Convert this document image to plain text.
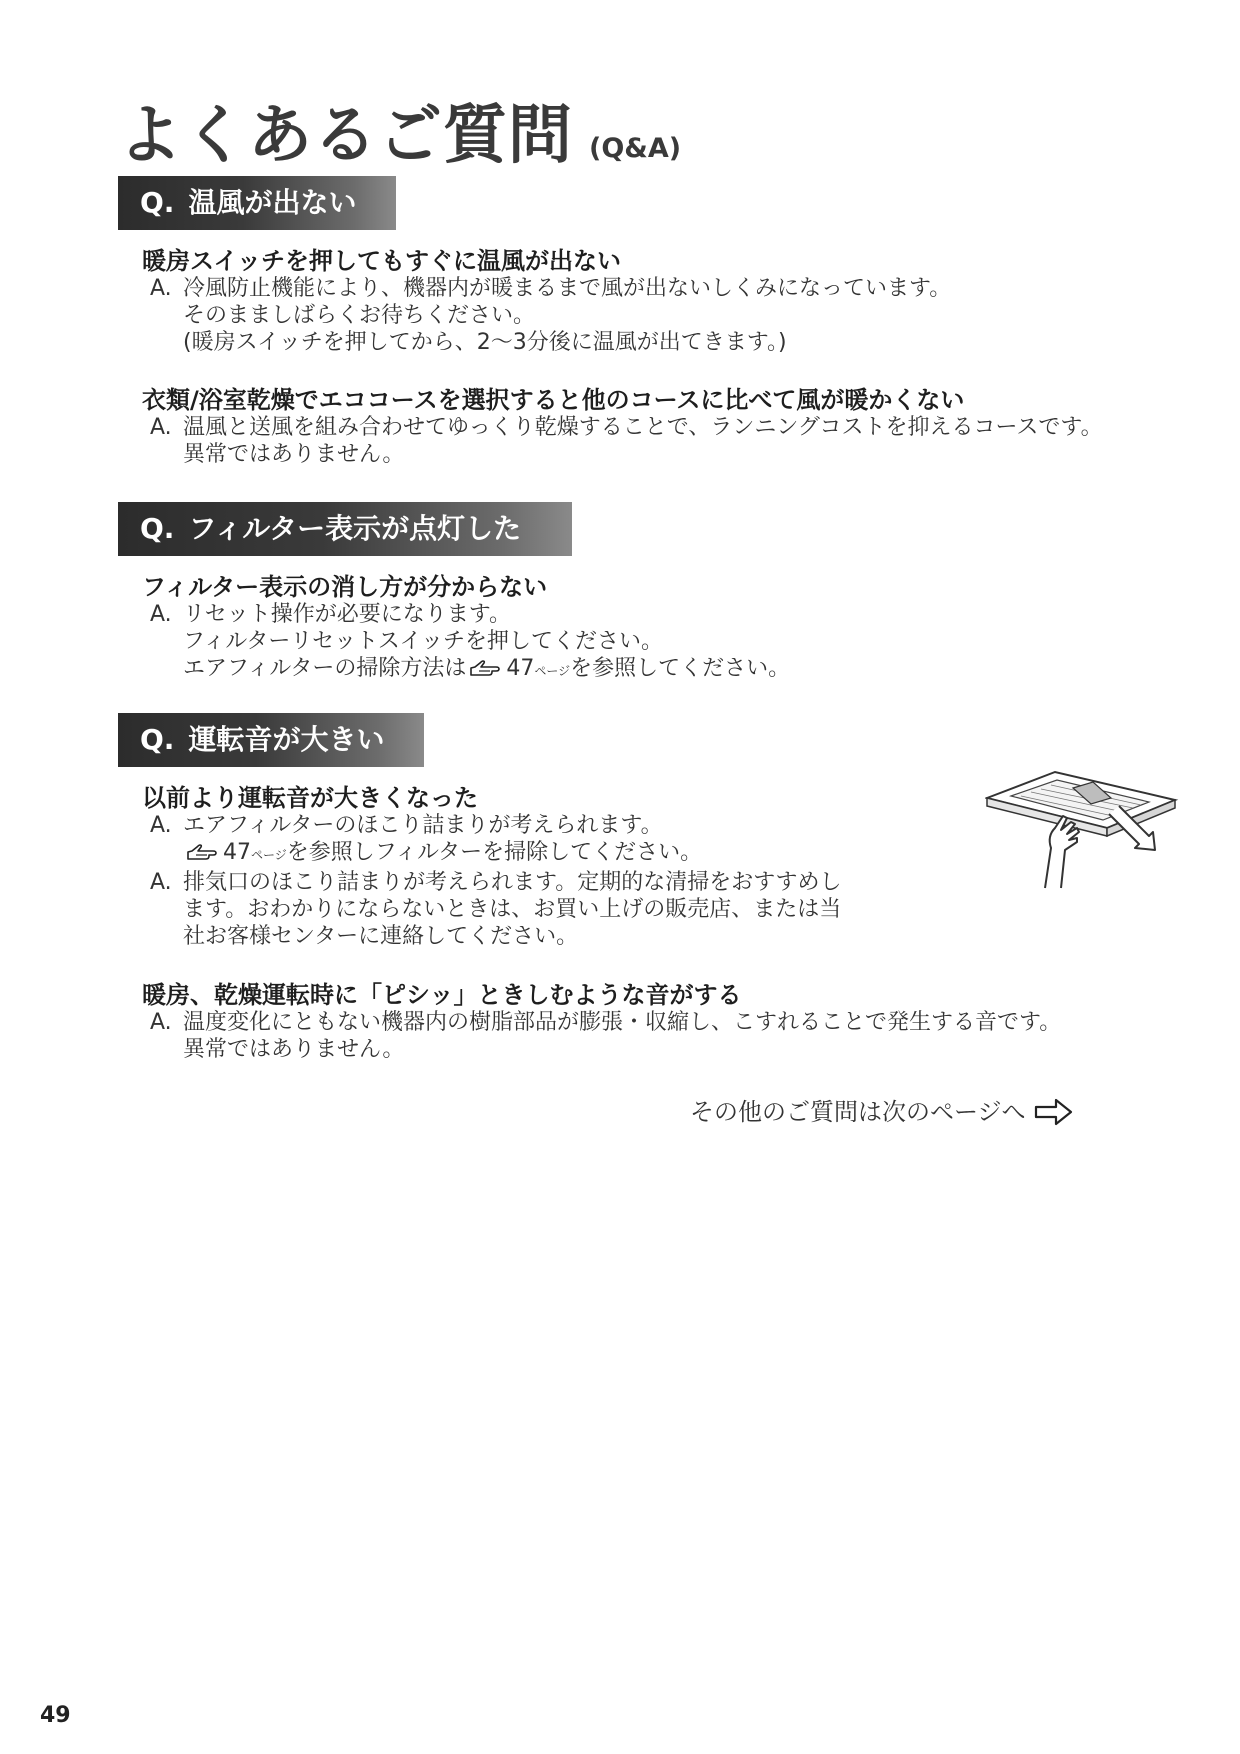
よくあるご質問 (Q&A)
Q. 温風が出ない
暖房スイッチを押してもすぐに温風が出ない
A. 冷風防止機能により、機器内が暖まるまで風が出ないしくみになっています。
そのまましばらくお待ちください。
(暖房スイッチを押してから、2〜3分後に温風が出てきます。)
衣類/浴室乾燥でエココースを選択すると他のコースに比べて風が暖かくない
A. 温風と送風を組み合わせてゆっくり乾燥することで、ランニングコストを抑えるコースです。
異常ではありません。
Q. フィルター表示が点灯した
フィルター表示の消し方が分からない
A. リセット操作が必要になります。
フィルターリセットスイッチを押してください。
エアフィルターの掃除方法は 47ページを参照してください。
Q. 運転音が大きい
以前より運転音が大きくなった
A. エアフィルターのほこり詰まりが考えられます。
47ページを参照しフィルターを掃除してください。
A. 排気口のほこり詰まりが考えられます。定期的な清掃をおすすめし
ます。おわかりにならないときは、お買い上げの販売店、または当
社お客様センターに連絡してください。
暖房、乾燥運転時に「ピシッ」ときしむような音がする
A. 温度変化にともない機器内の樹脂部品が膨張・収縮し、こすれることで発生する音です。
異常ではありません。
その他のご質問は次のページへ
49
